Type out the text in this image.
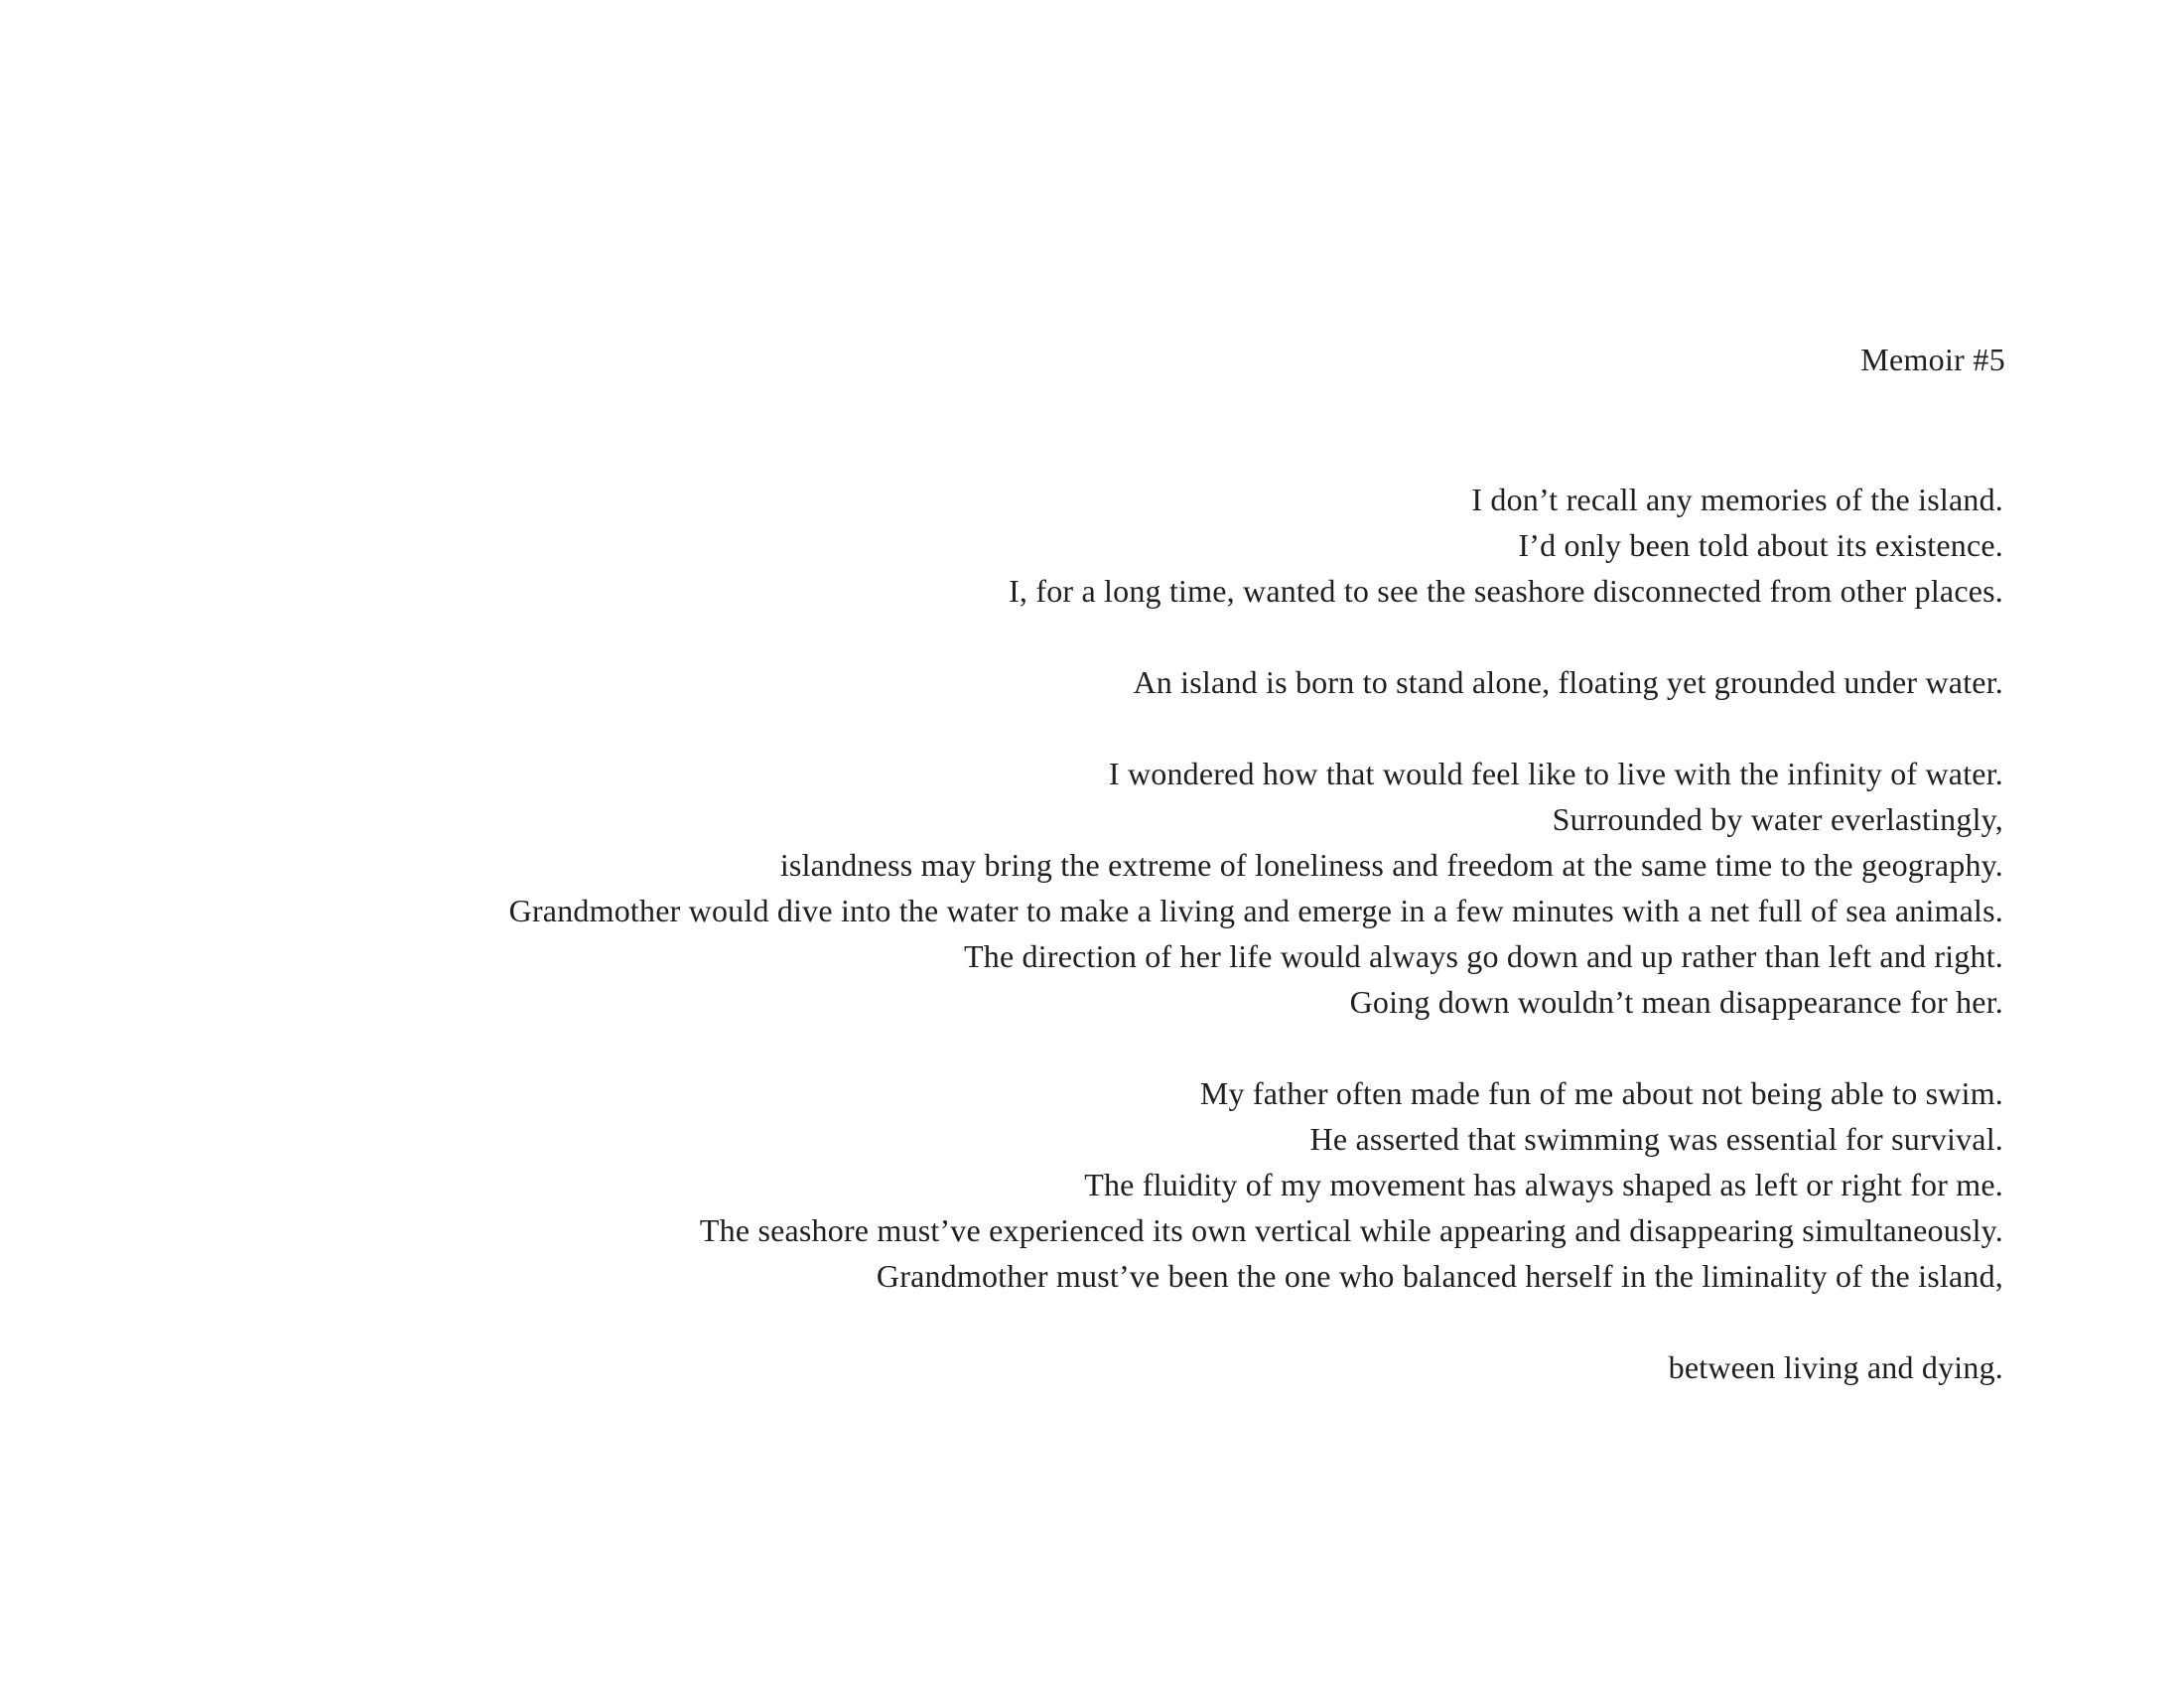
Memoir #5
I don’t recall any memories of the island.
I’d only been told about its existence.
I, for a long time, wanted to see the seashore disconnected from other places.
An island is born to stand alone, floating yet grounded under water.
I wondered how that would feel like to live with the infinity of water.
Surrounded by water everlastingly,
islandness may bring the extreme of loneliness and freedom at the same time to the geography.
Grandmother would dive into the water to make a living and emerge in a few minutes with a net full of sea animals.
The direction of her life would always go down and up rather than left and right.
Going down wouldn’t mean disappearance for her.
My father often made fun of me about not being able to swim.
He asserted that swimming was essential for survival.
The fluidity of my movement has always shaped as left or right for me.
The seashore must’ve experienced its own vertical while appearing and disappearing simultaneously.
Grandmother must’ve been the one who balanced herself in the liminality of the island,
between living and dying.
